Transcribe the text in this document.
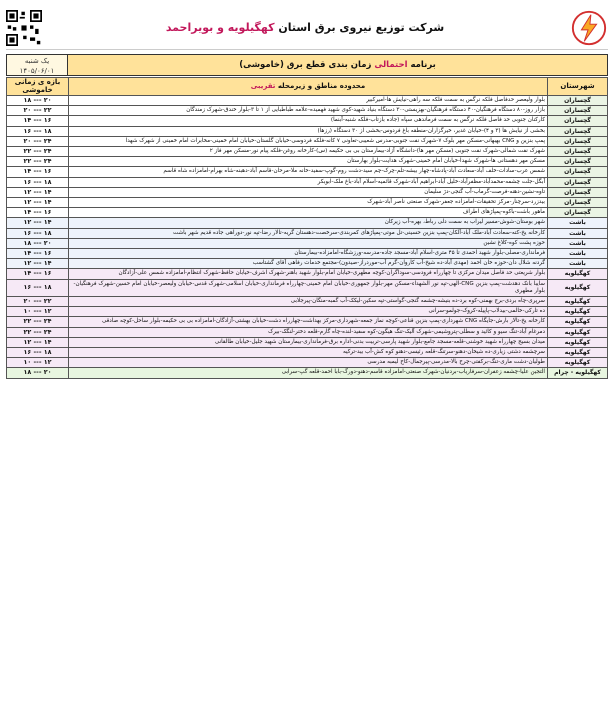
شرکت توزیع نیروی برق استان کهگیلویه و بویراحمد
برنامه احتمالی زمان بندی قطع برق (خاموشی)
یک شنبه
۱۴۰۵/۰۶/۰۱
شهرستان	محدوده مناطق و زیرمحله تقریبی	بازه ی زمانی خاموشی
گچساران	بلوار ولیعصر حدفاصل فلکه نرگس به سمت فلکه سه راهی-نیایش ها-امیرکبیر	۱۸ --- ۲۰
گچساران	بازار روز-۸۰ دستگاه فرهنگیان-۴۰ دستگاه فرهنگیان-بهزیستی-۳۰ دستگاه بنیاد شهید-کوی شهید فهمیده-علامه طباطبایی از ۱ تا ۳-بلوار خندق-شهرک زمندگان	۲۰ --- ۲۲
گچساران	کارکنان جنوبی حد فاصل فلکه نرگس به سمت فرماندهی سپاه (جاده بازتاب-فلکه شنبه-آبنما)	۱۴ --- ۱۶
گچساران	بخشی از نیایش ها (۳ و ۴)-خیابان غدیر، خیرگزاران-منطقه باغ فردوس-بخشی از ۳۰ دستگاه (رزها)	۱۶ --- ۱۸
گچساران	پمپ بنزین و CNG بهبهانی-مسکن مهر بلوک ۷-شهرک نفت جنوبی-مدرس شعیبی-تعاونی ۷ کانه-فلکه فردوسی-خیابان گلستان-خیابان امام خمینی-مخابرات امام خمینی از شهرک شهدا	۲۰ --- ۲۴
گچساران	شهرک نفت شمالی-شهرک نفت جنوبی (مسکن مهر ها)-دانشگاه آزاد-بیمارستان بی بی حکیمه (س)-کارخانه روغن-فلکه پیام نور-مسکن مهر فاز ۲	۲۲ --- ۲۴
گچساران	مسکن مهر دهستانی ها-شهرک شهدا-خیابان امام خمینی-شهرک هدایت-بلوار بهارستان	۲۲ --- ۲۴
گچساران	شمس عرب-سادات-خلف آباد-سعادت آباد-پادشاه-چهار بیشه-تلم-چرک-چم سید-دشت روم-گوپ-سفید-خانه ملا-مرحان-قاسم آباد-دهبنه-شاه بهرام-امامزاده شاه قاسم	۱۴ --- ۱۶
گچساران	آبگل-جلت چشمه-محمدآباد-مظفرآباد-خلیل آباد-ابراهیم آباد-شهرک قائمیه-اسلام آباد-باغ ملک-ابوبکر	۱۶ --- ۱۸
گچساران	تاوه-نشین-دهنه-فرصت-گرماب-آب گنجی-دژ سلیمان	۱۲ --- ۱۴
گچساران	بیدزرد-سرچنار-مرکز تحقیقات-امامزاده جعفر-شهرک صنعتی ناصر آباد-شهرک	۱۲ --- ۱۴
گچساران	ماهور باشت-باکوه-پمپاژهای اطراف	۱۴ --- ۱۶
باشت	شهر بوستان-شوش-مسیر لیراب به سمت دلی رباط، بهره-آب زیرکان	۱۲ --- ۱۴
باشت	کارخانه یخ-کته-سعادت آباد-ملک آباد-آلکان-پمپ بنزین حسینی-تل موتی-پمپاژهای کمربندی-سرخصت-دهستان گریه-تالار رضا-تپه نور-دوراهی جاده قدیم شهر باشت	۱۶ --- ۱۸
باشت	حوزه پشت کوه-کلاغ نشین	۱۸ --- ۲۰
باشت	فرمانداری-مصلی-بلوار شهید احمدی تا ۴۵ متری-اسلام آباد-مسجد جاده-مدرسه-ورزشگاه-امامزاده-بیمارستان	۱۴ --- ۱۶
باشت	گردنه شلال دان-حوزه خان احمد (مهدی آباد-ده شیخ-آب کاروان-گرم آب-موردراز-صیدون)-مجتمع خدمات رفاهی آقای گشتاسب	۱۲ --- ۱۴
کهگیلویه	بلوار شریعتی حد فاصل میدان مرکزی تا چهارراه فرودسی-سوداگران-کوچه مطهری-خیابان امام-بلوار شهید باهنر-شهرک اشرف-خیابان حافظ-شهرک انتظام-امامزاده شمس علی-آزادگان	۱۴ --- ۱۶
کهگیلویه	سایبا بانک دهدشت-پمپ بنزین CNG-الهی-تپه نور الشهداء-مسکن مهر-بلوار جمهوری-خیابان امام خمینی-چهارراه فرمانداری-خیابان اسلامی-شهرک قدس-خیابان ولیعصر-خیابان امام حسین-شهرک فرهنگیان-بلوار مطهری	۱۶ --- ۱۸
کهگیلویه	سرپری-چاه بردی-برج بهمنی-کوه برد-ده بنیشه-چشمه گنجی-گواستی-تپه سکین-لیکک-آب گمبه-منگان-پیرجلابی	۲۰ --- ۲۲
کهگیلویه	ده تارکی-خالمی-بیدلاب-پاپیله-کروک-جولمو-سرانی	۱۰ --- ۱۲
کهگیلویه	کارخانه یخ-تالار بارش-جایگاه CNG شهرداری-پمپ بنزین قناعی-کوچه نماز جمعه-شهرداری-مرکز بهداشت-چهارراه دشت-خیابان بهشتی-آزادگان-امامزاده بی بی حکیمه-بلوار ساحل-کوچه صادقی	۲۲ --- ۲۴
کهگیلویه	دمرغام آباد-تنگ سیو و کائید و سطلی-پتروشیمی-شهرک آلیک-تنگ هیگون-کوه سفید-لنده-چاه گارم-قلعه دختر-لنگک-بیرک	۲۲ --- ۲۴
کهگیلویه	میدان بسیج چهارراه شهید خوشنی-قلعه-مسجد جامع-بلوار شهید پارسی-تربیت بدنی-اداره برق-فرمانداری-بیمارستان شهید جلیل-خیابان طالقانی	۱۲ --- ۱۴
کهگیلویه	سرچشمه دشتی زیاری-ده شیخان-دهنو-سرتنگ-قلعه رئیسی-دهنو کوه کش-آب بید-ترکیه	۱۶ --- ۱۸
کهگیلویه	طولیان-دشت ماری-تنگ-برکفتی-چرخ بالا-مدرسی-پیرجمال-کاخ لیمبه مدرسی	۱۰ --- ۱۲
کهگیلویه - چرام	التجین علیا-چشمه زعفران-سرفاریاب-بردنیان-شهرک صنعتی-امامزاده قاسم-دهنو-دورگ-بابا احمد-قلعه گپ-سرابی	۱۸ --- ۲۰
